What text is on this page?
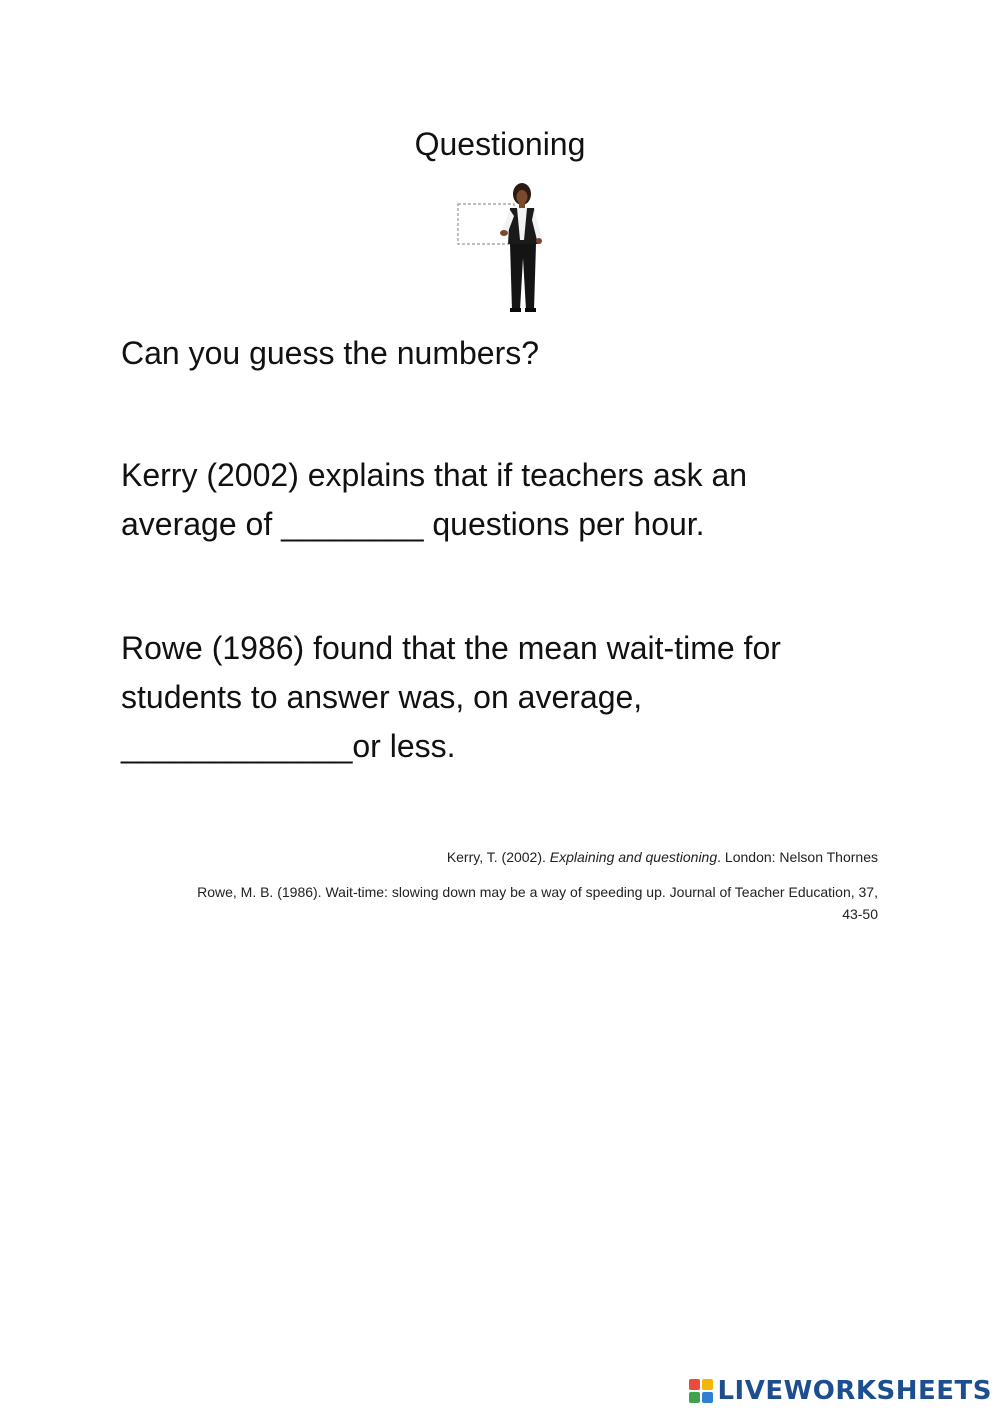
Questioning

Can you guess the numbers?

Kerry (2002) explains that if teachers ask an
average of ________ questions per hour.

Rowe (1986) found that the mean wait-time for
students to answer was, on average,
_____________or less.

Kerry, T. (2002). Explaining and questioning. London: Nelson Thornes
Rowe, M. B. (1986). Wait-time: slowing down may be a way of speeding up. Journal of Teacher Education, 37,
43-50
LIVEWORKSHEETS
